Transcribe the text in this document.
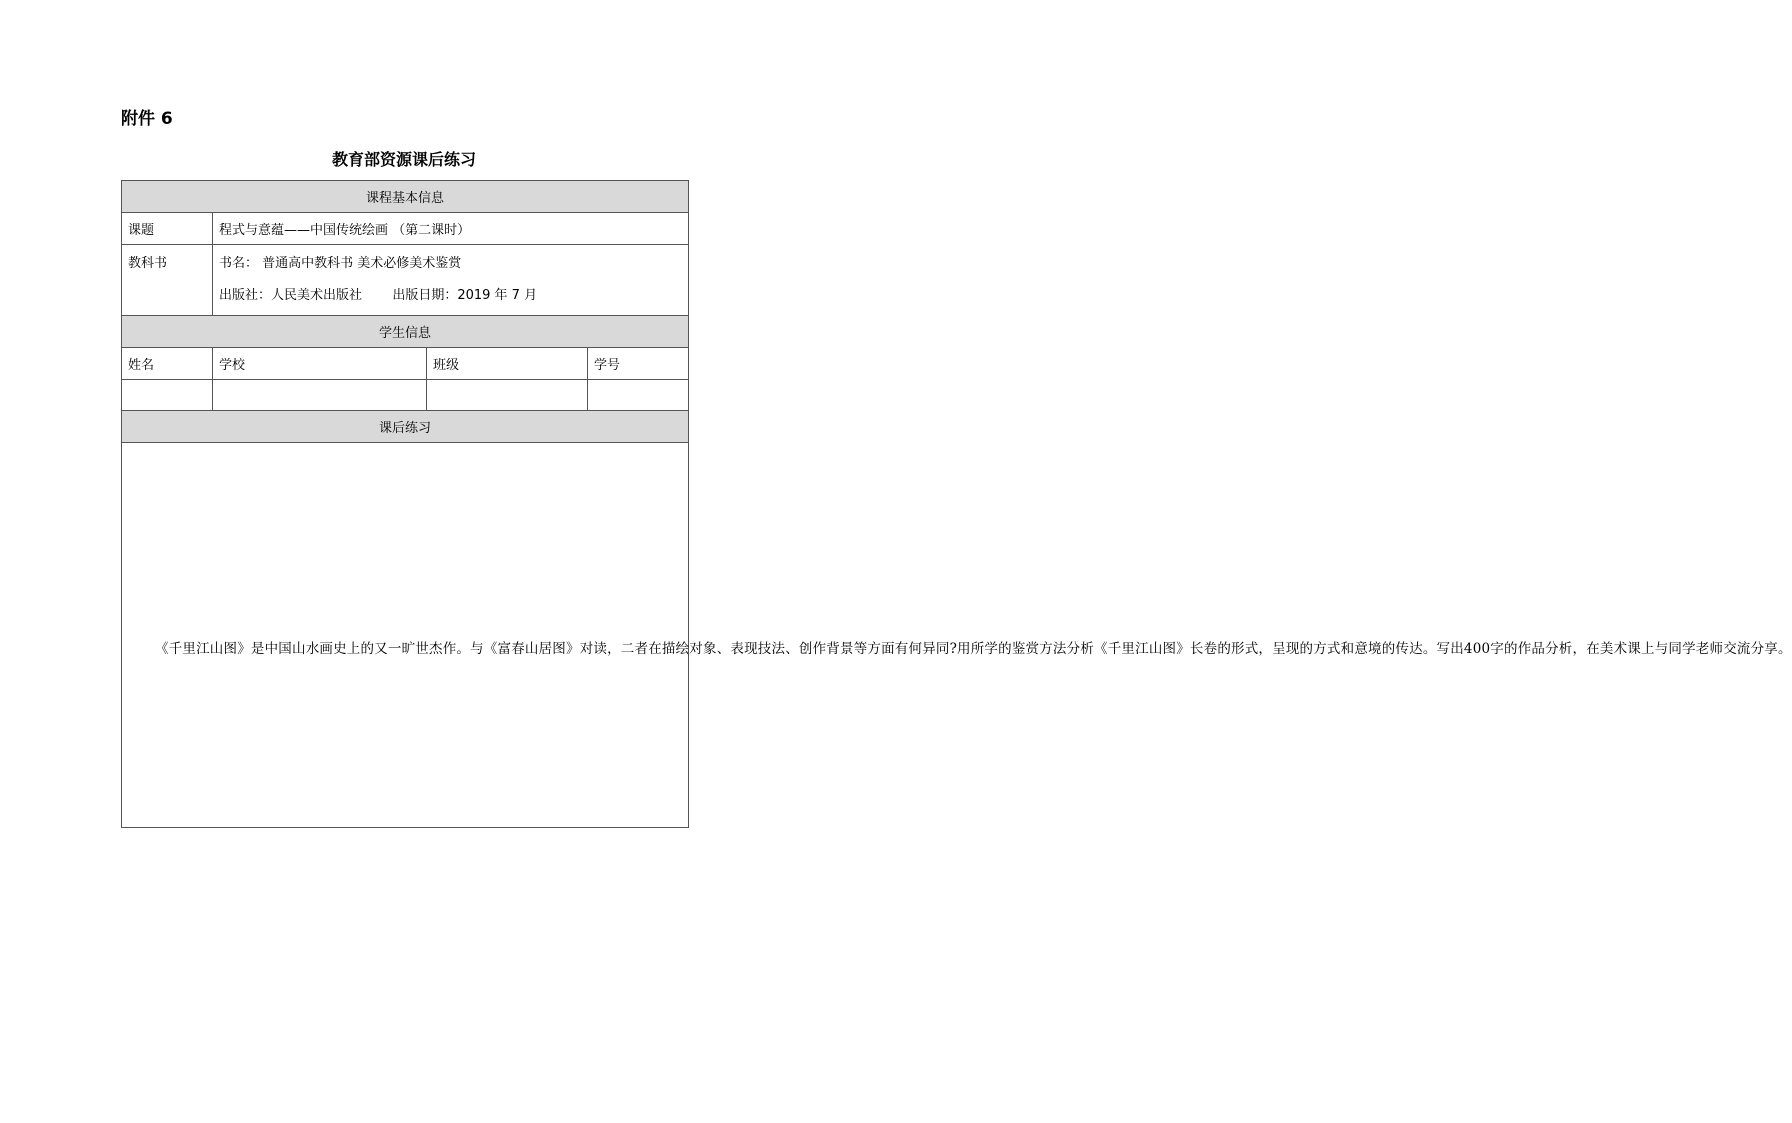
附件 6
教育部资源课后练习
课程基本信息			
课题	程式与意蕴——中国传统绘画 （第二课时）		
教科书	书名： 普通高中教科书 美术必修美术鉴赏
出版社：人民美术出版社 出版日期：2019 年 7 月		

学生信息			
姓名	学校	班级	学号

课后练习			

《千里江山图》是中国山水画史上的又一旷世杰作。与《富春山居图》对读，二者在描绘对象、表现技法、创作背景等方面有何异同?用所学的鉴赏方法分析《千里江山图》长卷的形式，呈现的方式和意境的传达。写出400字的作品分析，在美术课上与同学老师交流分享。			
